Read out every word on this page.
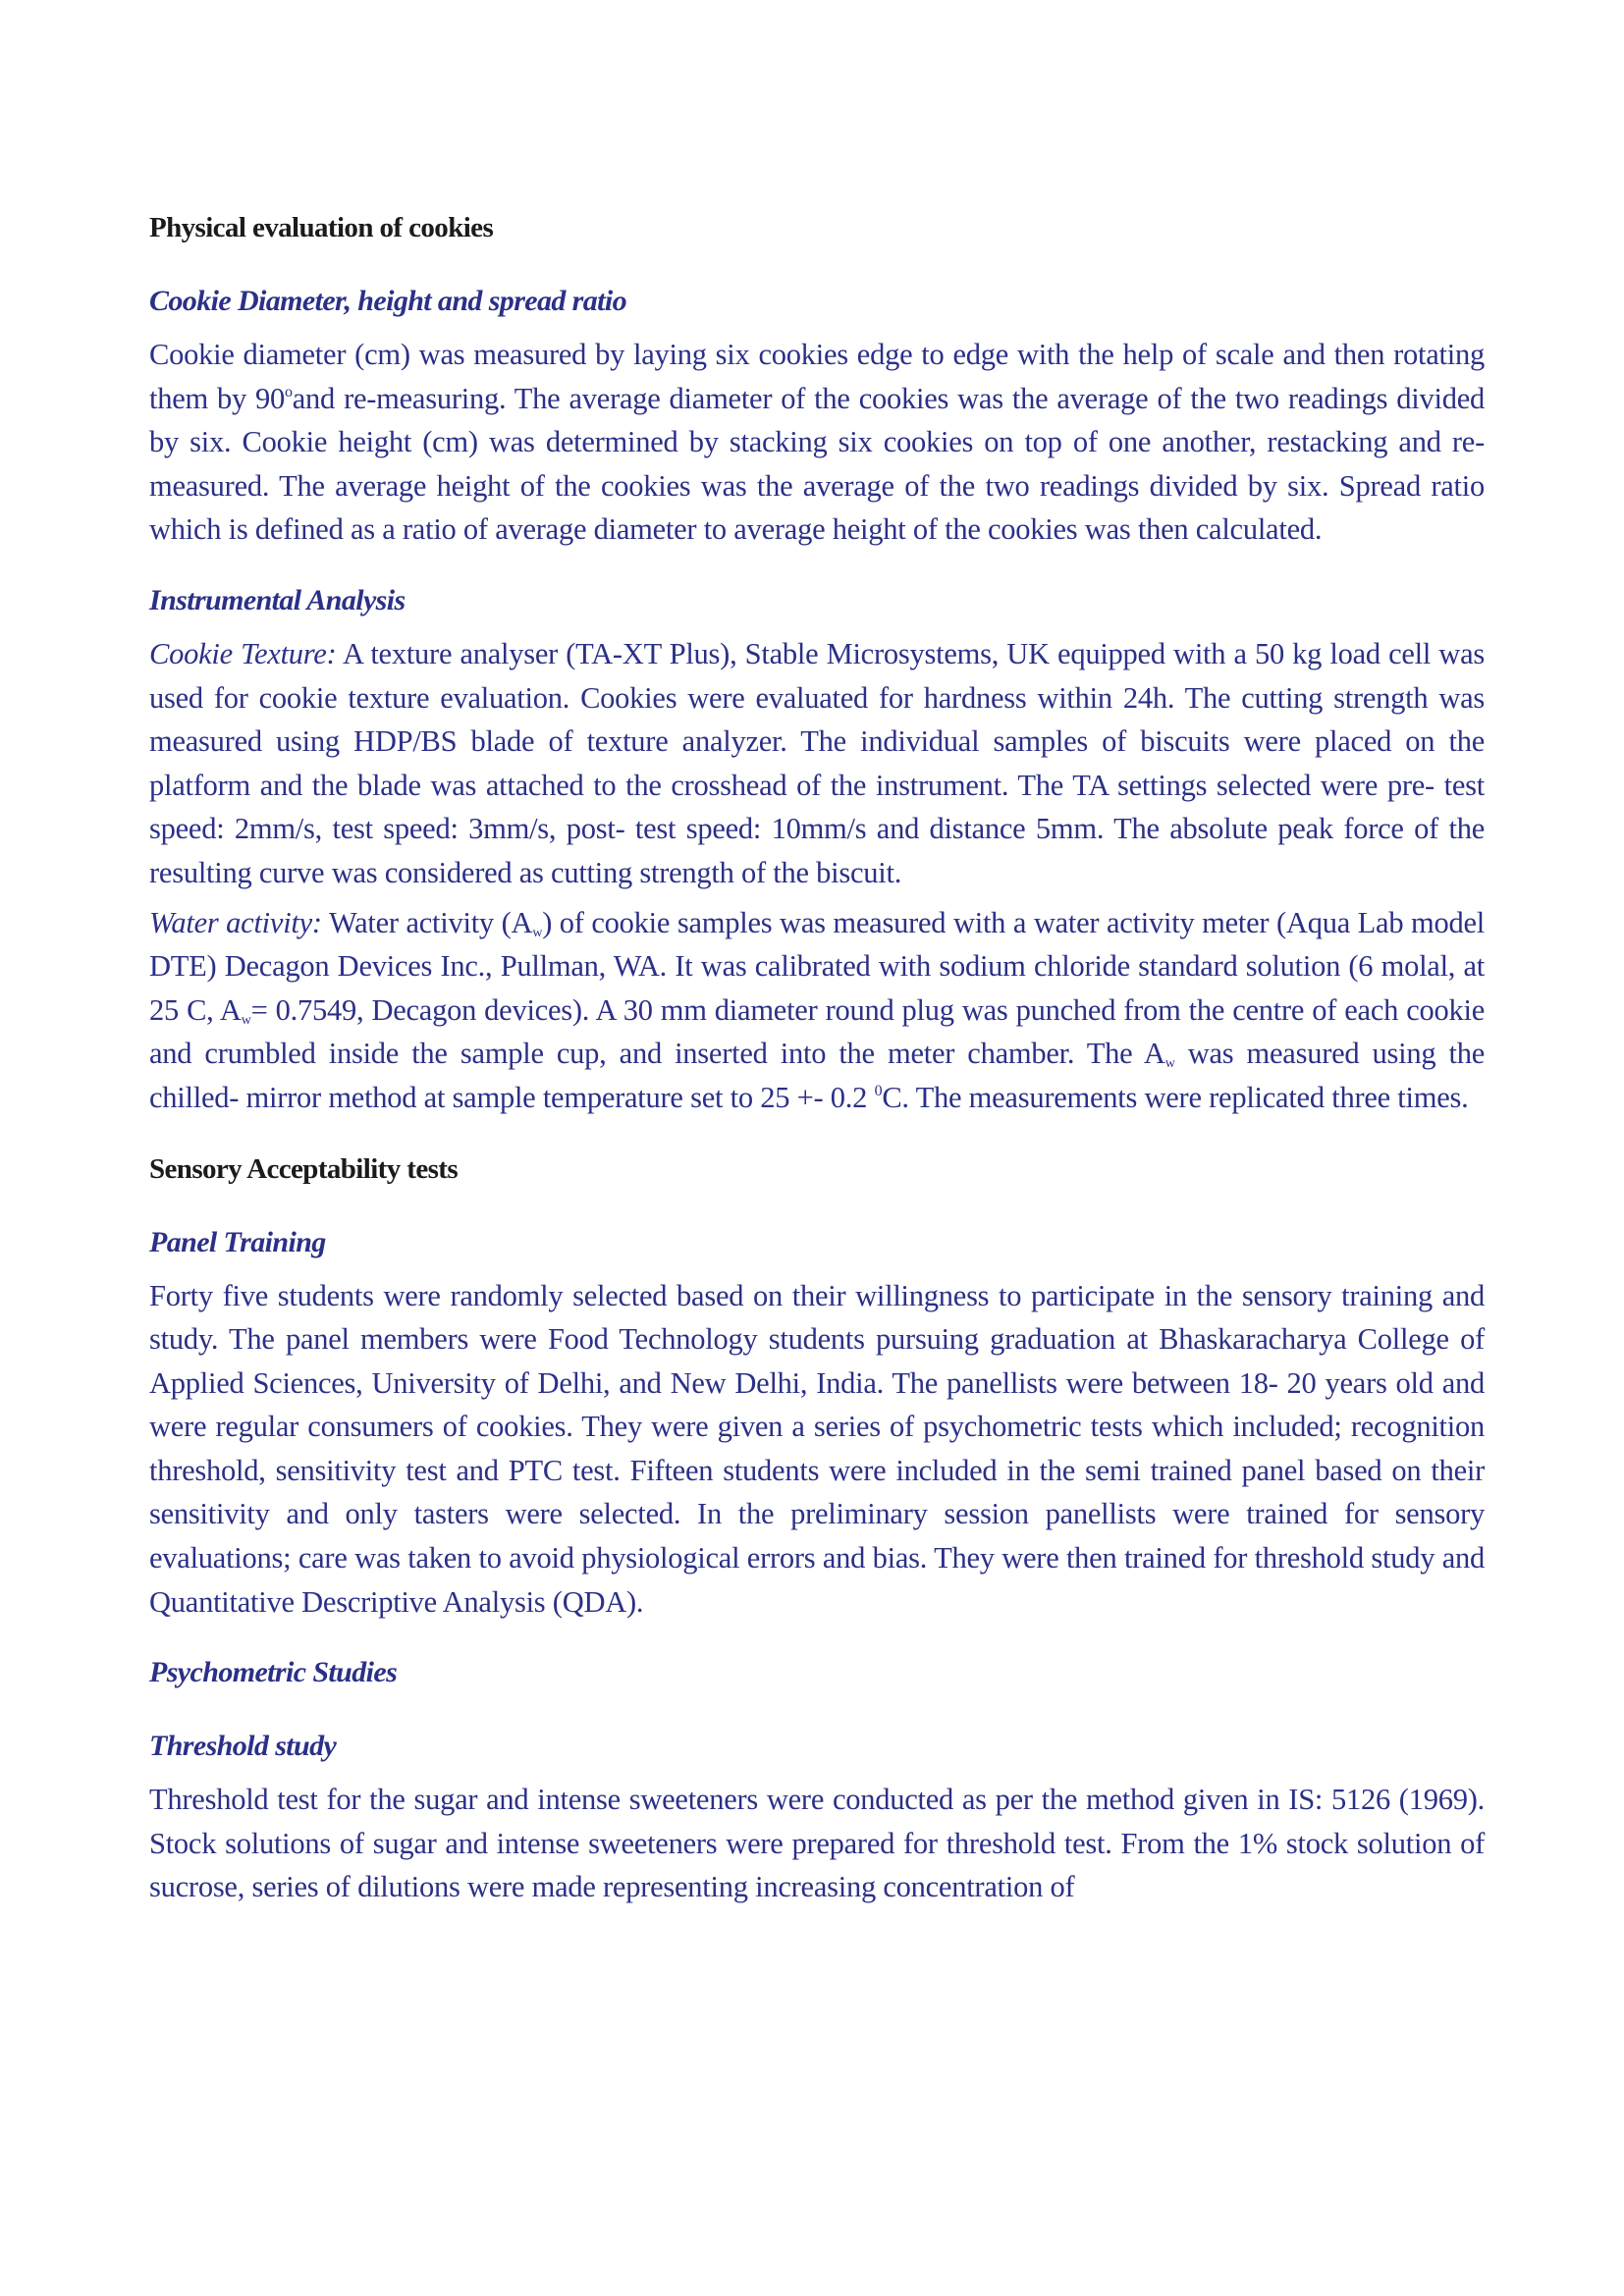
Physical evaluation of cookies
Cookie Diameter, height and spread ratio

Cookie diameter (cm) was measured by laying six cookies edge to edge with the help of scale and then rotating them by 90$^o$and re-measuring. The average diameter of the cookies was the average of the two readings divided by six. Cookie height (cm) was determined by stacking six cookies on top of one another, restacking and re-measured. The average height of the cookies was the average of the two readings divided by six. Spread ratio which is defined as a ratio of average diameter to average height of the cookies was then calculated.

Instrumental Analysis

Cookie Texture: A texture analyser (TA-XT Plus), Stable Microsystems, UK equipped with a 50 kg load cell was used for cookie texture evaluation. Cookies were evaluated for hardness within 24h. The cutting strength was measured using HDP/BS blade of texture analyzer. The individual samples of biscuits were placed on the platform and the blade was attached to the crosshead of the instrument. The TA settings selected were pre- test speed: 2mm/s, test speed: 3mm/s, post- test speed: 10mm/s and distance 5mm. The absolute peak force of the resulting curve was considered as cutting strength of the biscuit.

Water activity: Water activity $(A_w)$ of cookie samples was measured with a water activity meter (Aqua Lab model DTE) Decagon Devices Inc., Pullman, WA. It was calibrated with sodium chloride standard solution (6 molal, at 25 C, $A_w= 0.7549$, Decagon devices). A 30 mm diameter round plug was punched from the centre of each cookie and crumbled inside the sample cup, and inserted into the meter chamber. The $A_w$ was measured using the chilled- mirror method at sample temperature set to 25 +- 0.2 $^0$C. The measurements were replicated three times.

Sensory Acceptability tests
Panel Training

Forty five students were randomly selected based on their willingness to participate in the sensory training and study. The panel members were Food Technology students pursuing graduation at Bhaskaracharya College of Applied Sciences, University of Delhi, and New Delhi, India. The panellists were between 18- 20 years old and were regular consumers of cookies. They were given a series of psychometric tests which included; recognition threshold, sensitivity test and PTC test. Fifteen students were included in the semi trained panel based on their sensitivity and only tasters were selected. In the preliminary session panellists were trained for sensory evaluations; care was taken to avoid physiological errors and bias. They were then trained for threshold study and Quantitative Descriptive Analysis (QDA).

Psychometric Studies
Threshold study

Threshold test for the sugar and intense sweeteners were conducted as per the method given in IS: 5126 (1969). Stock solutions of sugar and intense sweeteners were prepared for threshold test. From the 1% stock solution of sucrose, series of dilutions were made representing increasing concentration of
